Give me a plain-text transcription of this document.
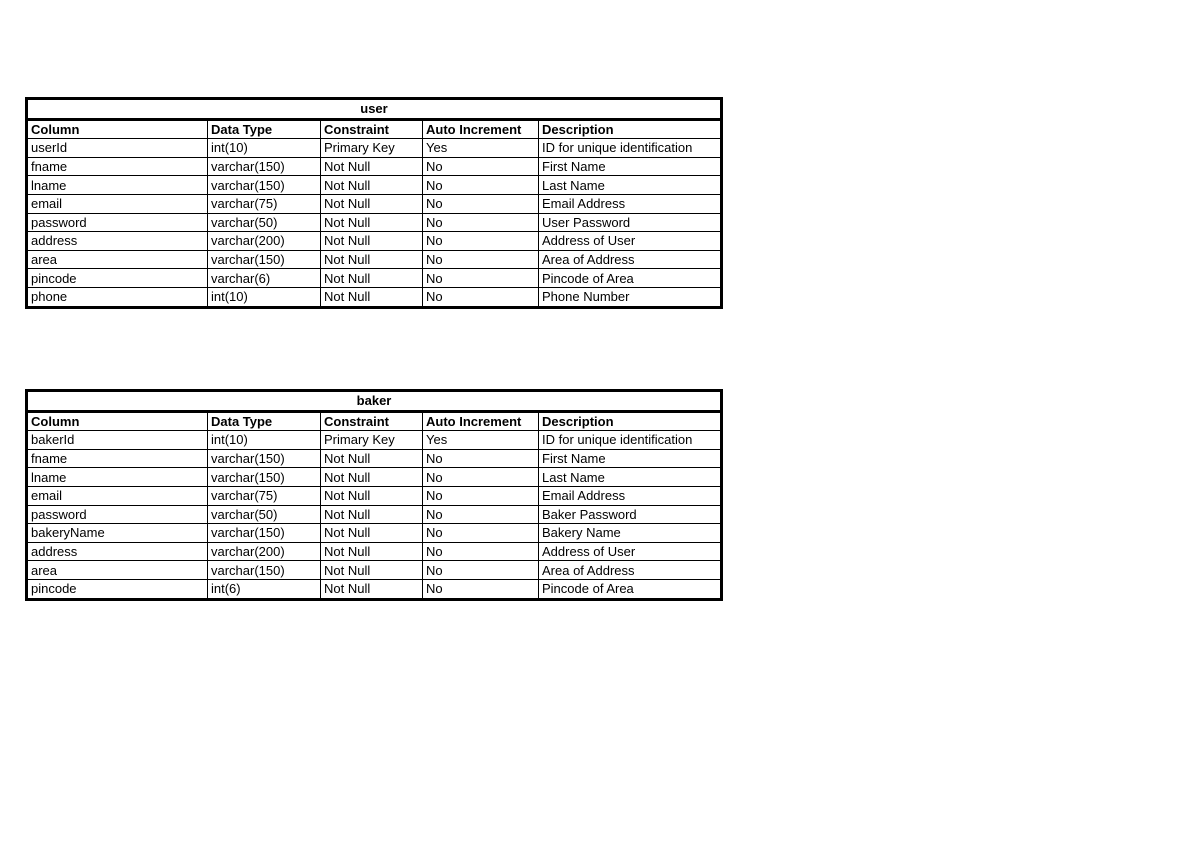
user				
Column	Data Type	Constraint	Auto Increment	Description
userId	int(10)	Primary Key	Yes	ID for unique identification
fname	varchar(150)	Not Null	No	First Name
lname	varchar(150)	Not Null	No	Last Name
email	varchar(75)	Not Null	No	Email Address
password	varchar(50)	Not Null	No	User Password
address	varchar(200)	Not Null	No	Address of User
area	varchar(150)	Not Null	No	Area of Address
pincode	varchar(6)	Not Null	No	Pincode of Area
phone	int(10)	Not Null	No	Phone Number
baker				
Column	Data Type	Constraint	Auto Increment	Description
bakerId	int(10)	Primary Key	Yes	ID for unique identification
fname	varchar(150)	Not Null	No	First Name
lname	varchar(150)	Not Null	No	Last Name
email	varchar(75)	Not Null	No	Email Address
password	varchar(50)	Not Null	No	Baker Password
bakeryName	varchar(150)	Not Null	No	Bakery Name
address	varchar(200)	Not Null	No	Address of User
area	varchar(150)	Not Null	No	Area of Address
pincode	int(6)	Not Null	No	Pincode of Area
